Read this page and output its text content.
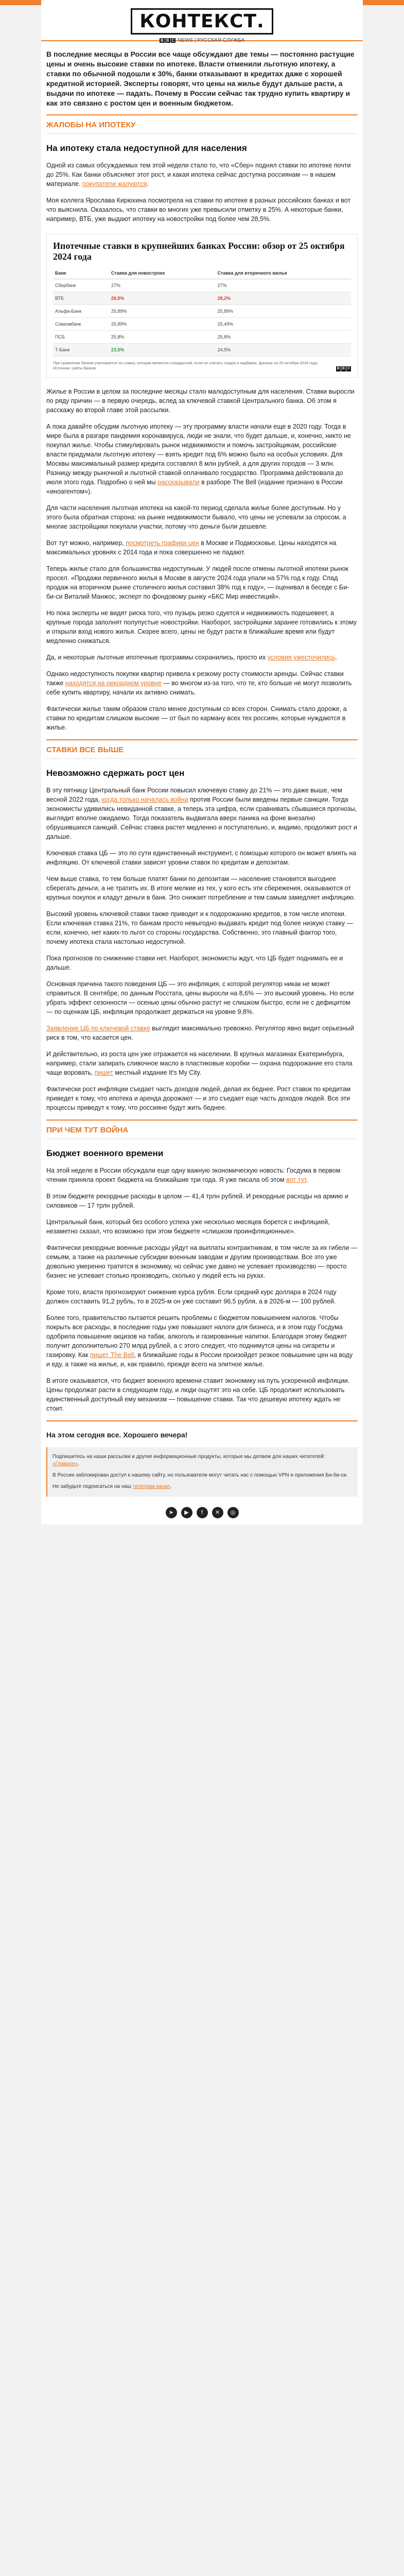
КОНТЕКСТ.
B B C NEWS | РУССКАЯ СЛУЖБА
В последние месяцы в России все чаще обсуждают две темы — постоянно растущие цены и очень высокие ставки по ипотеке. Власти отменили льготную ипотеку, а ставки по обычной подошли к 30%, банки отказывают в кредитах даже с хорошей кредитной историей. Эксперты говорят, что цены на жилье будут дальше расти, а выдачи по ипотеке — падать. Почему в России сейчас так трудно купить квартиру и как это связано с ростом цен и военным бюджетом.
ЖАЛОБЫ НА ИПОТЕКУ
На ипотеку стала недоступной для населения

Одной из самых обсуждаемых тем этой недели стало то, что «Сбер» поднял ставки по ипотеке почти до 25%. Как банки объясняют этот рост, и какая ипотека сейчас доступна россиянам — в нашем материале. покупатели жалуются.

Моя коллега Ярослава Кирюхина посмотрела на ставки по ипотеке в разных российских банках и вот что выяснила. Оказалось, что ставки во многих уже превысили отметку в 25%. А некоторые банки, например, ВТБ, уже выдают ипотеку на новостройки под более чем 28,5%.

Ипотечные ставки в крупнейших банках России: обзор от 25 октября 2024 года
Банк	Ставка для новостроек	Ставка для вторичного жилья
Сбербанк	27%	27%
ВТБ	28,5%	28,2%
Альфа-Банк	25,89%	25,89%
Совкомбанк	25,89%	25,49%
ПСБ	25,8%	25,8%
Т-Банк	23,5%	24,5%
При сравнении банков учитывается та ставка, которая является стандартной, если не считать скидок и надбавок. Данные на 25 октября 2024 года.
Источник: сайты банков	B B C

Жилье в России в целом за последние месяцы стало малодоступным для населения. Ставки выросли по ряду причин — в первую очередь, вслед за ключевой ставкой Центрального банка. Об этом я расскажу во второй главе этой рассылки.

А пока давайте обсудим льготную ипотеку — эту программу власти начали еще в 2020 году. Тогда в мире была в разгаре пандемия коронавируса, люди не знали, что будет дальше, и, конечно, никто не покупал жилье. Чтобы стимулировать рынок недвижимости и помочь застройщикам, российские власти придумали льготную ипотеку — взять кредит под 6% можно было на особых условиях. Для Москвы максимальный размер кредита составлял 8 млн рублей, а для других городов — 3 млн. Разницу между рыночной и льготной ставкой оплачивало государство. Программа действовала до июля этого года. Подробно о ней мы рассказывали в разборе The Bell (издание признано в России «иноагентом»).

Для части населения льготная ипотека на какой-то период сделала жилье более доступным. Но у этого была обратная сторона: на рынке недвижимости бывало, что цены не успевали за спросом, а многие застройщики покупали участки, потому что деньги были дешевле.

Вот тут можно, например, посмотреть графики цен в Москве и Подмосковье. Цены находятся на максимальных уровнях с 2014 года и пока совершенно не падают.

Теперь жилье стало для большинства недоступным. У людей после отмены льготной ипотеки рынок просел. «Продажи первичного жилья в Москве в августе 2024 года упали на 57% год к году. Спад продаж на вторичном рынке столичного жилья составил 38% год к году», — оценивал в беседе с Би-би-си Виталий Манжос, эксперт по фондовому рынку «БКС Мир инвестиций».

Но пока эксперты не видят риска того, что пузырь резко сдуется и недвижимость подешевеет, а крупные города заполнят полупустые новостройки. Наоборот, застройщики заранее готовились к этому и открыли вход нового жилья. Скорее всего, цены не будут расти в ближайшие время или будут медленно снижаться.

Да, и некоторые льготные ипотечные программы сохранились, просто их условия ужесточились.

Однако недоступность покупки квартир привела к резкому росту стоимости аренды. Сейчас ставки также находятся на рекордном уровне — во многом из-за того, что те, кто больше не могут позволить себе купить квартиру, начали их активно снимать.

Фактически жилье таким образом стало менее доступным со всех сторон. Снимать стало дороже, а ставки по кредитам слишком высокие — от был по карману всех тех россиян, которые нуждаются в жилье.

СТАВКИ ВСЕ ВЫШЕ
Невозможно сдержать рост цен

В эту пятницу Центральный банк России повысил ключевую ставку до 21% — это даже выше, чем весной 2022 года, когда только началась война против России были введены первые санкции. Тогда экономисты удивились невиданной ставке, а теперь эта цифра, если сравнивать сбывшиеся прогнозы, выглядит вполне ожидаемо. Тогда показатель выдвигала вверх паника на фоне внезапно обрушившихся санкций. Сейчас ставка растет медленно и поступательно, и, видимо, продолжит рост и дальше.

Ключевая ставка ЦБ — это по сути единственный инструмент, с помощью которого он может влиять на инфляцию. От ключевой ставки зависят уровни ставок по кредитам и депозитам.

Чем выше ставка, то тем больше платят банки по депозитам — население становится выгоднее сберегать деньги, а не тратить их. В итоге мелкие из тех, у кого есть эти сбережения, оказываются от крупных покупок и кладут деньги в банк. Это снижает потребление и тем самым замедляет инфляцию.

Высокий уровень ключевой ставки также приводит и к подорожанию кредитов, в том числе ипотеки. Если ключевая ставка 21%, то банкам просто невыгодно выдавать кредит под более низкую ставку — если, конечно, нет каких-то льгот со стороны государства. Собственно, это главный фактор того, почему ипотека стала настолько недоступной.

Пока прогнозов по снижению ставки нет. Наоборот, экономисты ждут, что ЦБ будет поднимать ее и дальше.

Основная причина такого поведения ЦБ — это инфляция, с которой регулятор никак не может справиться. В сентябре, по данным Росстата, цены выросли на 8,6% — это высокий уровень. Но если убрать эффект сезонности — осенью цены обычно растут не слишком быстро, если не с дефицитом — по оценкам ЦБ, инфляция продолжает держаться на уровне 9,8%.

Заявление ЦБ по ключевой ставке выглядит максимально тревожно. Регулятор явно видит серьезный риск в том, что касается цен.

И действительно, из роста цен уже отражается на населении. В крупных магазинах Екатеринбурга, например, стали запирать сливочное масло в пластиковые коробки — охрана подорожание его стала чаще воровать, пишет местный издание It's My City.

Фактически рост инфляции съедает часть доходов людей, делая их беднее. Рост ставок по кредитам приведет к тому, что ипотека и аренда дорожают — и это съедает еще часть доходов людей. Все эти процессы приведут к тому, что россияне будут жить беднее.

ПРИ ЧЕМ ТУТ ВОЙНА
Бюджет военного времени

На этой неделе в России обсуждали еще одну важную экономическую новость: Госдума в первом чтении приняла проект бюджета на ближайшие три года. Я уже писала об этом вот тут.

В этом бюджете рекордные расходы в целом — 41,4 трлн рублей. И рекордные расходы на армию и силовиков — 17 трлн рублей.

Центральный банк, который без особого успеха уже несколько месяцев борется с инфляцией, незаметно сказал, что возможно при этом бюджете «слишком проинфляционные».

Фактически рекордные военные расходы уйдут на выплаты контрактникам, в том числе за их гибели — семьям, а также на различные субсидии военным заводам и другим производствам. Все это уже довольно умеренно тратится в экономику, но сейчас уже давно не успевает производство — просто бизнес не успевает столько производить, сколько у людей есть на руках.

Кроме того, власти прогнозируют снижение курса рубля. Если средний курс доллара в 2024 году должен составить 91,2 рубль, то в 2025-м он уже составит 96,5 рубля, а в 2026-м — 100 рублей.

Более того, правительство пытается решить проблемы с бюджетом повышением налогов. Чтобы покрыть все расходы, в последние годы уже повышают налоги для бизнеса, и в этом году Госдума одобрила повышение акцизов на табак, алкоголь и газированные напитки. Благодаря этому бюджет получит дополнительно 270 млрд рублей, а с этого следует, что поднимутся цены на сигареты и газировку. Как пишет The Bell, в ближайшие годы в России произойдет резкое повышение цен на воду и еду, а также на жилье, и, как правило, прежде всего на элитное жилье.

В итоге оказывается, что бюджет военного времени ставит экономику на путь ускоренной инфляции. Цены продолжат расти в следующем году, и люди ощутят это на себе. ЦБ продолжит использовать единственный доступный ему механизм — повышение ставки. Так что дешевую ипотеку ждать не стоит.

На этом сегодня все. Хорошего вечера!
Подпишитесь на наши рассылки и другие информационные продукты, которые мы делаем для наших читателей: «Главное».
В России заблокирован доступ к нашему сайту, но пользователи могут читать нас с помощью VPN и приложения Би-би-си.
Не забудьте подписаться на наш телеграм-канал.
➤ ▶ f ✕ ◎
